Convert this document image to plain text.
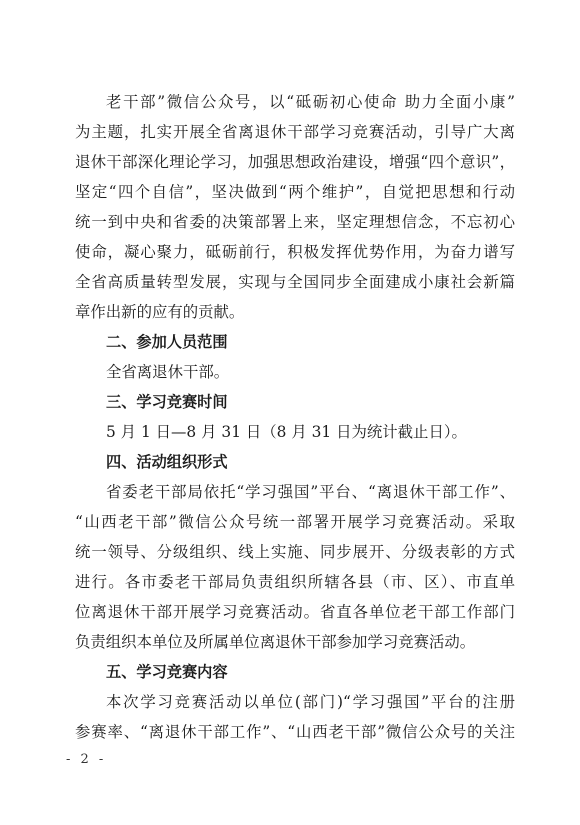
老干部”微信公众号，以“砥砺初心使命 助力全面小康”
为主题，扎实开展全省离退休干部学习竞赛活动，引导广大离
退休干部深化理论学习，加强思想政治建设，增强“四个意识”，
坚定“四个自信”，坚决做到“两个维护”，自觉把思想和行动
统一到中央和省委的决策部署上来，坚定理想信念，不忘初心
使命，凝心聚力，砥砺前行，积极发挥优势作用，为奋力谱写
全省高质量转型发展，实现与全国同步全面建成小康社会新篇
章作出新的应有的贡献。
二、参加人员范围
全省离退休干部。
三、学习竞赛时间
5 月 1 日—8 月 31 日（8 月 31 日为统计截止日）。
四、活动组织形式
省委老干部局依托“学习强国”平台、“离退休干部工作”、
“山西老干部”微信公众号统一部署开展学习竞赛活动。采取
统一领导、分级组织、线上实施、同步展开、分级表彰的方式
进行。各市委老干部局负责组织所辖各县（市、区）、市直单
位离退休干部开展学习竞赛活动。省直各单位老干部工作部门
负责组织本单位及所属单位离退休干部参加学习竞赛活动。
五、学习竞赛内容
本次学习竞赛活动以单位(部门)“学习强国”平台的注册
参赛率、“离退休干部工作”、“山西老干部”微信公众号的关注
- 2 -
